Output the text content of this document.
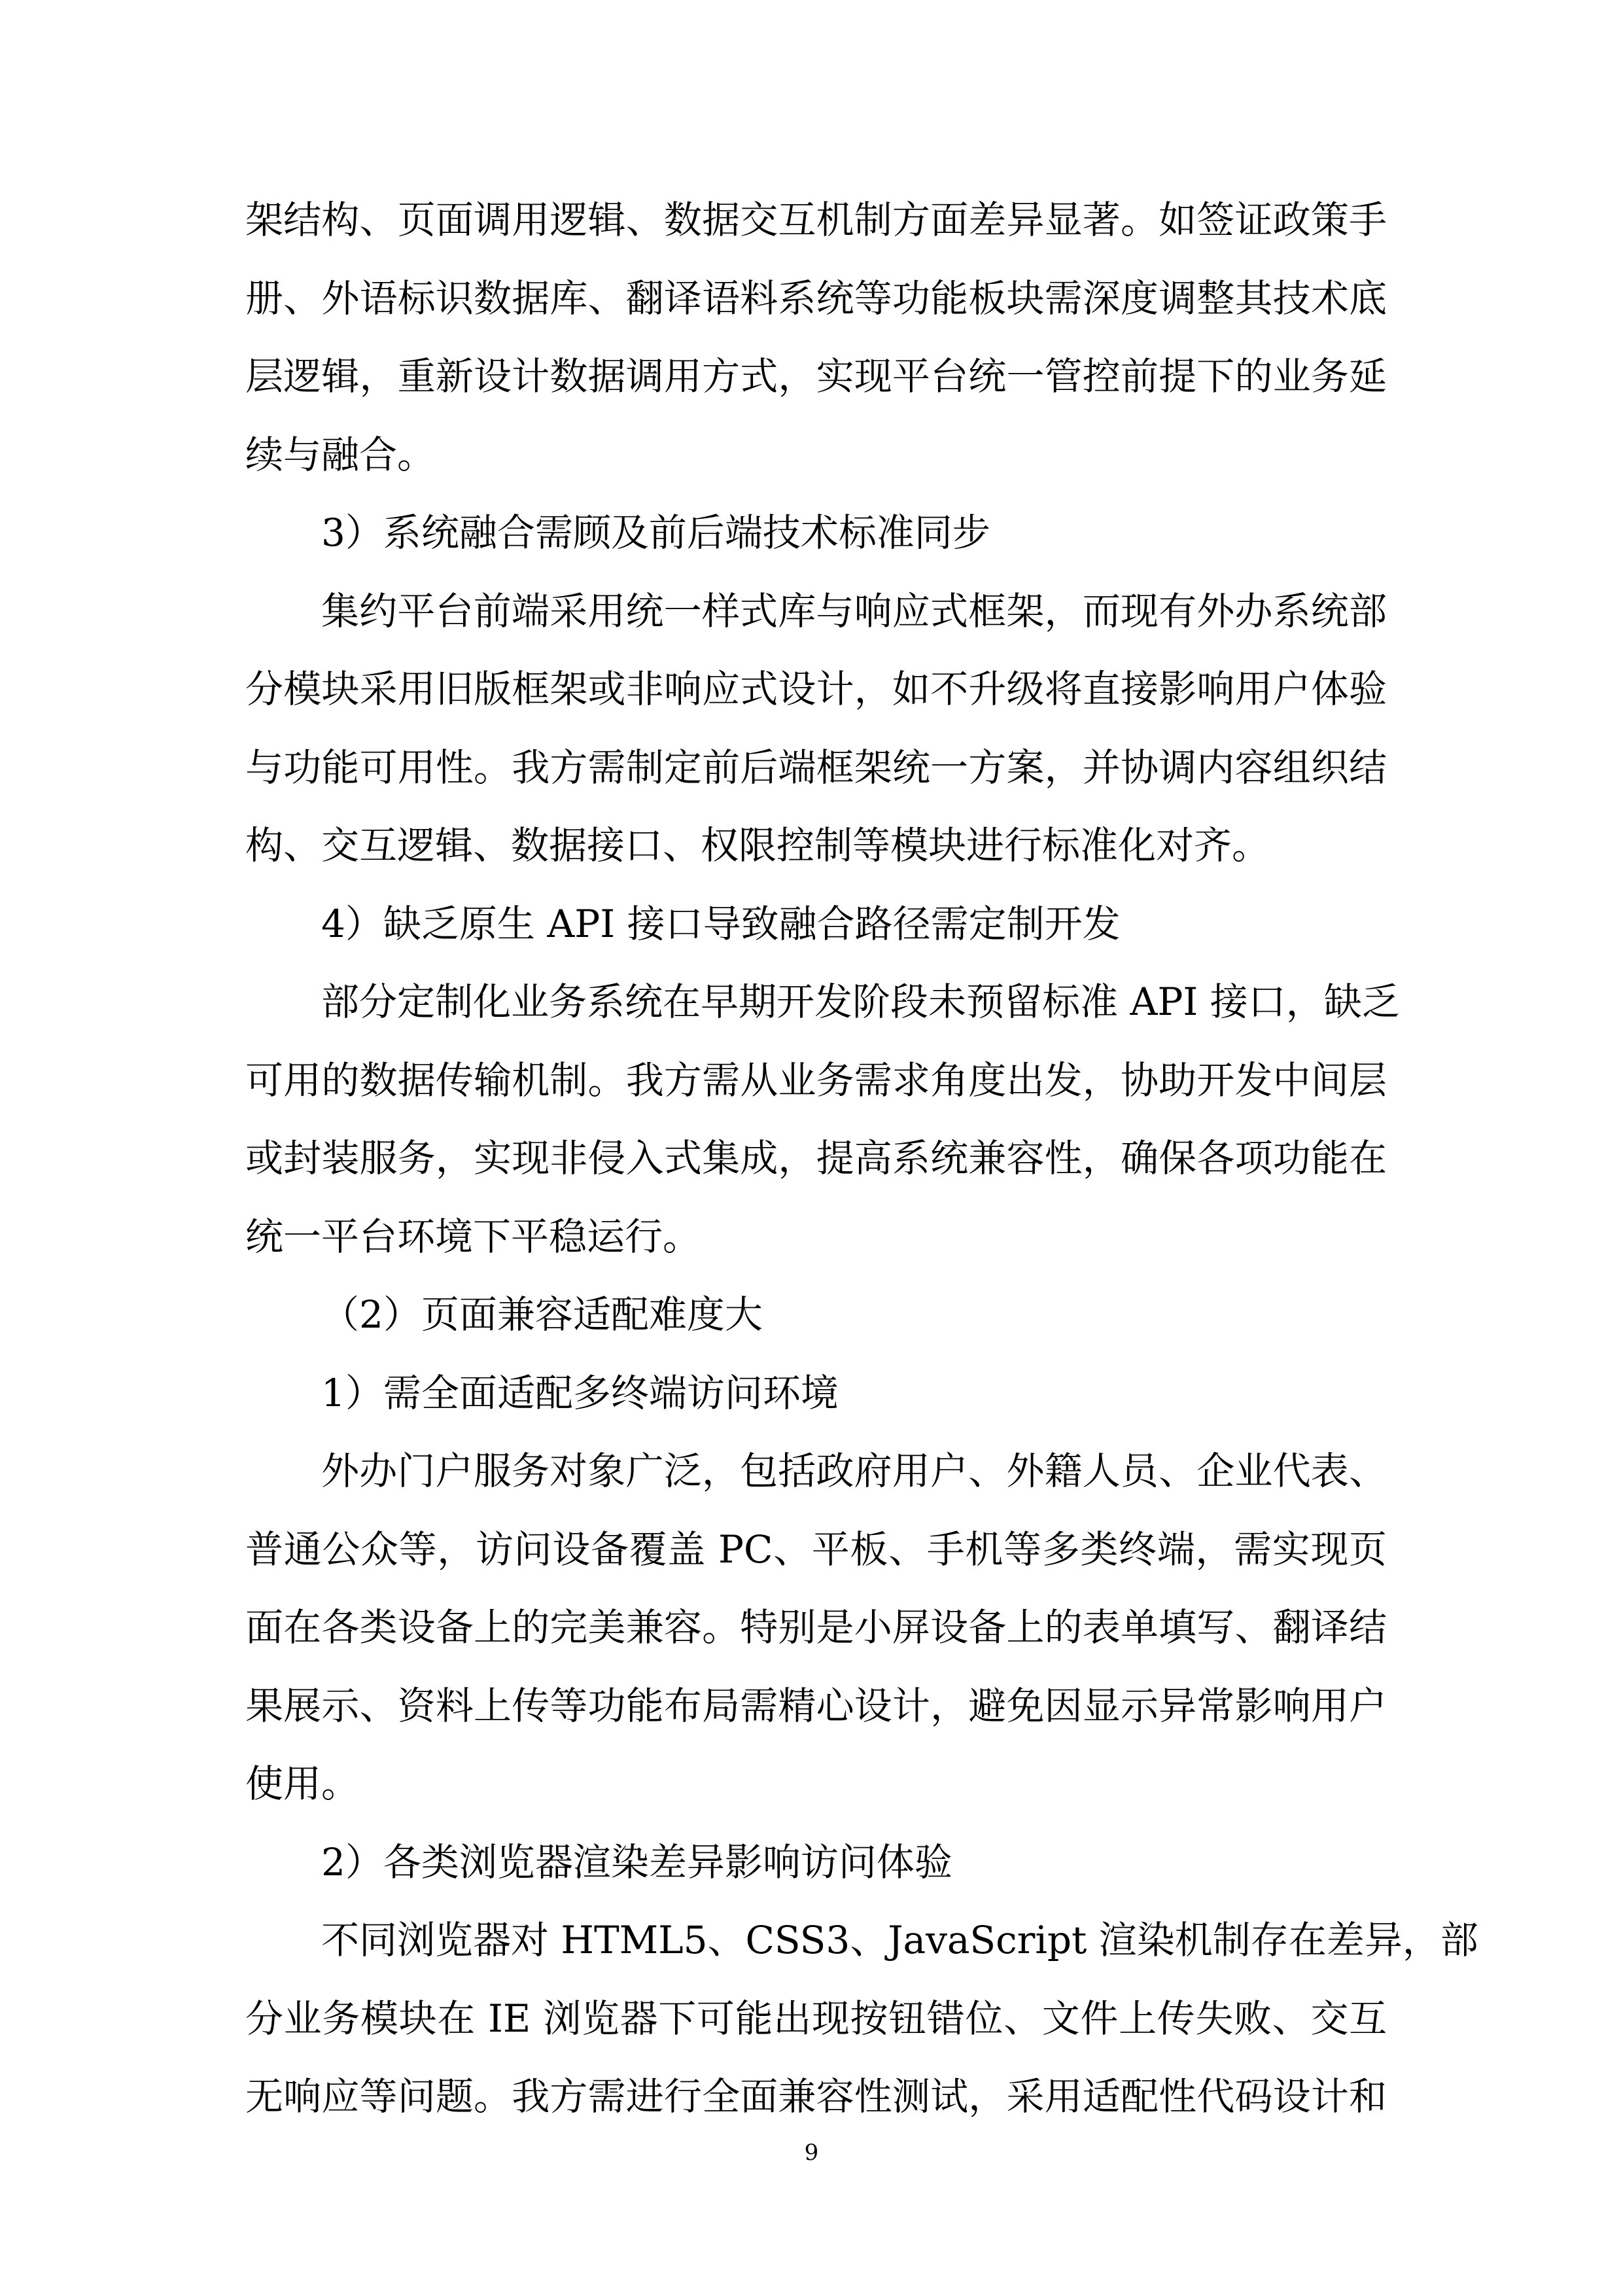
架结构、页面调用逻辑、数据交互机制方面差异显著。如签证政策手
册、外语标识数据库、翻译语料系统等功能板块需深度调整其技术底
层逻辑，重新设计数据调用方式，实现平台统一管控前提下的业务延
续与融合。
3）系统融合需顾及前后端技术标准同步
集约平台前端采用统一样式库与响应式框架，而现有外办系统部
分模块采用旧版框架或非响应式设计，如不升级将直接影响用户体验
与功能可用性。我方需制定前后端框架统一方案，并协调内容组织结
构、交互逻辑、数据接口、权限控制等模块进行标准化对齐。
4）缺乏原生 API 接口导致融合路径需定制开发
部分定制化业务系统在早期开发阶段未预留标准 API 接口，缺乏
可用的数据传输机制。我方需从业务需求角度出发，协助开发中间层
或封装服务，实现非侵入式集成，提高系统兼容性，确保各项功能在
统一平台环境下平稳运行。
（2）页面兼容适配难度大
1）需全面适配多终端访问环境
外办门户服务对象广泛，包括政府用户、外籍人员、企业代表、
普通公众等，访问设备覆盖 PC、平板、手机等多类终端，需实现页
面在各类设备上的完美兼容。特别是小屏设备上的表单填写、翻译结
果展示、资料上传等功能布局需精心设计，避免因显示异常影响用户
使用。
2）各类浏览器渲染差异影响访问体验
不同浏览器对 HTML5、CSS3、JavaScript 渲染机制存在差异，部
分业务模块在 IE 浏览器下可能出现按钮错位、文件上传失败、交互
无响应等问题。我方需进行全面兼容性测试，采用适配性代码设计和
9
